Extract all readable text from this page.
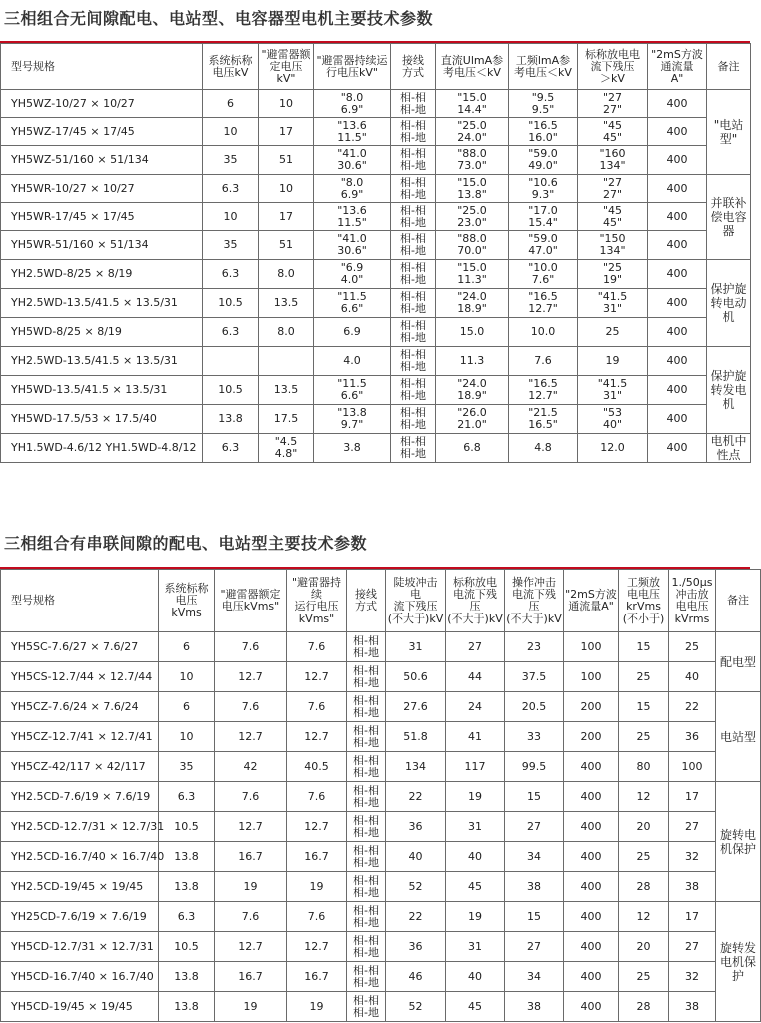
三相组合无间隙配电、电站型、电容器型电机主要技术参数
型号规格	系统标称
电压kV	"避雷器额
定电压
kV"	"避雷器持续运
行电压kV"	接线
方式	直流UlmA参
考电压＜kV	工频lmA参
考电压＜kV	标称放电电
流下残压
＞kV	"2mS方波
通流量
A"	备注

YH5WZ-10/27 × 10/27	6	10	"8.0
6.9"	相-相
相-地	"15.0
14.4"	"9.5
9.5"	"27
27"	400	"电站型"

YH5WZ-17/45 × 17/45	10	17	"13.6
11.5"	相-相
相-地	"25.0
24.0"	"16.5
16.0"	"45
45"	400	
YH5WZ-51/160 × 51/134	35	51	"41.0
30.6"	相-相
相-地	"88.0
73.0"	"59.0
49.0"	"160
134"	400	
YH5WR-10/27 × 10/27	6.3	10	"8.0
6.9"	相-相
相-地	"15.0
13.8"	"10.6
9.3"	"27
27"	400	并联补
偿电容
器

YH5WR-17/45 × 17/45	10	17	"13.6
11.5"	相-相
相-地	"25.0
23.0"	"17.0
15.4"	"45
45"	400	
YH5WR-51/160 × 51/134	35	51	"41.0
30.6"	相-相
相-地	"88.0
70.0"	"59.0
47.0"	"150
134"	400	
YH2.5WD-8/25 × 8/19	6.3	8.0	"6.9
4.0"	相-相
相-地	"15.0
11.3"	"10.0
7.6"	"25
19"	400	保护旋
转电动
机

YH2.5WD-13.5/41.5 × 13.5/31	10.5	13.5	"11.5
6.6"	相-相
相-地	"24.0
18.9"	"16.5
12.7"	"41.5
31"	400	
YH5WD-8/25 × 8/19	6.3	8.0	6.9	相-相
相-地	15.0	10.0	25	400	
YH2.5WD-13.5/41.5 × 13.5/31			4.0	相-相
相-地	11.3	7.6	19	400	保护旋
转发电
机

YH5WD-13.5/41.5 × 13.5/31	10.5	13.5	"11.5
6.6"	相-相
相-地	"24.0
18.9"	"16.5
12.7"	"41.5
31"	400	
YH5WD-17.5/53 × 17.5/40	13.8	17.5	"13.8
9.7"	相-相
相-地	"26.0
21.0"	"21.5
16.5"	"53
40"	400	
YH1.5WD-4.6/12 YH1.5WD-4.8/12	6.3	"4.5
4.8"	3.8	相-相
相-地	6.8	4.8	12.0	400	电机中
性点
三相组合有串联间隙的配电、电站型主要技术参数
型号规格	系统标称
电压
kVms	"避雷器额定
电压kVms"	"避雷器持
续
运行电压
kVms"	接线
方式	陡坡冲击
电
流下残压
(不大于)kV	标称放电
电流下残
压
(不大于)kV	操作冲击
电流下残
压
(不大于)kV	"2mS方波
通流量A"	工频放
电电压
krVms
(不小于)	1./50μs
冲击放
电电压
kVrms	备注

YH5SC-7.6/27 × 7.6/27	6	7.6	7.6	相-相
相-地	31	27	23	100	15	25	配电型

YH5CS-12.7/44 × 12.7/44	10	12.7	12.7	相-相
相-地	50.6	44	37.5	100	25	40	
YH5CZ-7.6/24 × 7.6/24	6	7.6	7.6	相-相
相-地	27.6	24	20.5	200	15	22	电站型

YH5CZ-12.7/41 × 12.7/41	10	12.7	12.7	相-相
相-地	51.8	41	33	200	25	36	
YH5CZ-42/117 × 42/117	35	42	40.5	相-相
相-地	134	117	99.5	400	80	100	
YH2.5CD-7.6/19 × 7.6/19	6.3	7.6	7.6	相-相
相-地	22	19	15	400	12	17	旋转电
机保护

YH2.5CD-12.7/31 × 12.7/31	10.5	12.7	12.7	相-相
相-地	36	31	27	400	20	27	
YH2.5CD-16.7/40 × 16.7/40	13.8	16.7	16.7	相-相
相-地	40	40	34	400	25	32	
YH2.5CD-19/45 × 19/45	13.8	19	19	相-相
相-地	52	45	38	400	28	38	
YH25CD-7.6/19 × 7.6/19	6.3	7.6	7.6	相-相
相-地	22	19	15	400	12	17	旋转发
电机保
护

YH5CD-12.7/31 × 12.7/31	10.5	12.7	12.7	相-相
相-地	36	31	27	400	20	27	
YH5CD-16.7/40 × 16.7/40	13.8	16.7	16.7	相-相
相-地	46	40	34	400	25	32	
YH5CD-19/45 × 19/45	13.8	19	19	相-相
相-地	52	45	38	400	28	38	
